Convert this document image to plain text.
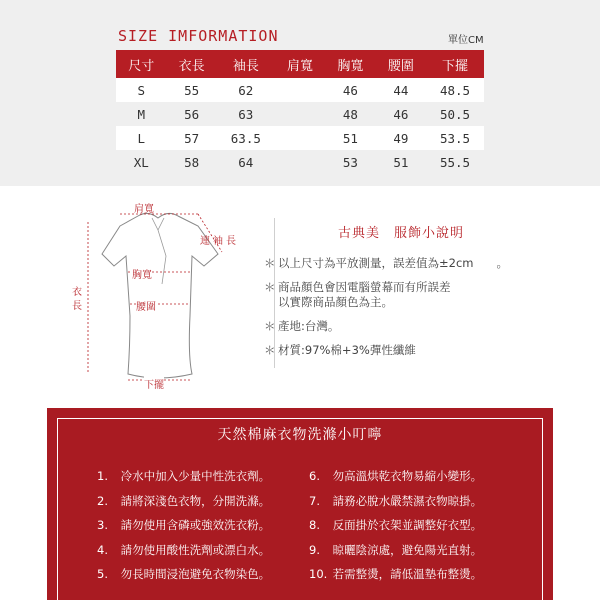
SIZE IMFORMATION	單位CM
尺寸	衣長	袖長	肩寬	胸寬	腰圍	下擺
S	55	62		46	44	48.5
M	56	63		48	46	50.5
L	57	63.5		51	49	53.5
XL	58	64		53	51	55.5
肩寬
連袖長
胸寬
腰圍
衣長
下擺
古典美　服飾小說明
＊ 以上尺寸為平放測量，誤差值為±2cm　　。
＊ 商品顏色會因電腦螢幕而有所誤差
以實際商品顏色為主。
＊ 產地:台灣。
＊ 材質:97%棉+3%彈性纖維
天然棉麻衣物洗滌小叮嚀
1. 冷水中加入少量中性洗衣劑。
2. 請將深淺色衣物，分開洗滌。
3. 請勿使用含磷或強效洗衣粉。
4. 請勿使用酸性洗劑或漂白水。
5. 勿長時間浸泡避免衣物染色。
6. 勿高溫烘乾衣物易縮小變形。
7. 請務必脫水嚴禁濕衣物晾掛。
8. 反面掛於衣架並調整好衣型。
9. 晾曬陰涼處，避免陽光直射。
10. 若需整燙，請低溫墊布整燙。
